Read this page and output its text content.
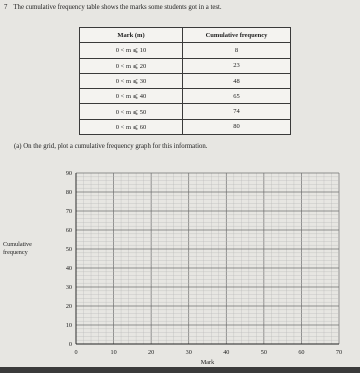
7 The cumulative frequency table shows the marks some students got in a test.
Mark (m)	Cumulative frequency
0 < m ⩽ 10	8
0 < m ⩽ 20	23
0 < m ⩽ 30	48
0 < m ⩽ 40	65
0 < m ⩽ 50	74
0 < m ⩽ 60	80
(a) On the grid, plot a cumulative frequency graph for this information.
Cumulative
frequency
0
10
20
30
40
50
60
70
80
90
0	10	20	30	40	50	60	70
Mark
